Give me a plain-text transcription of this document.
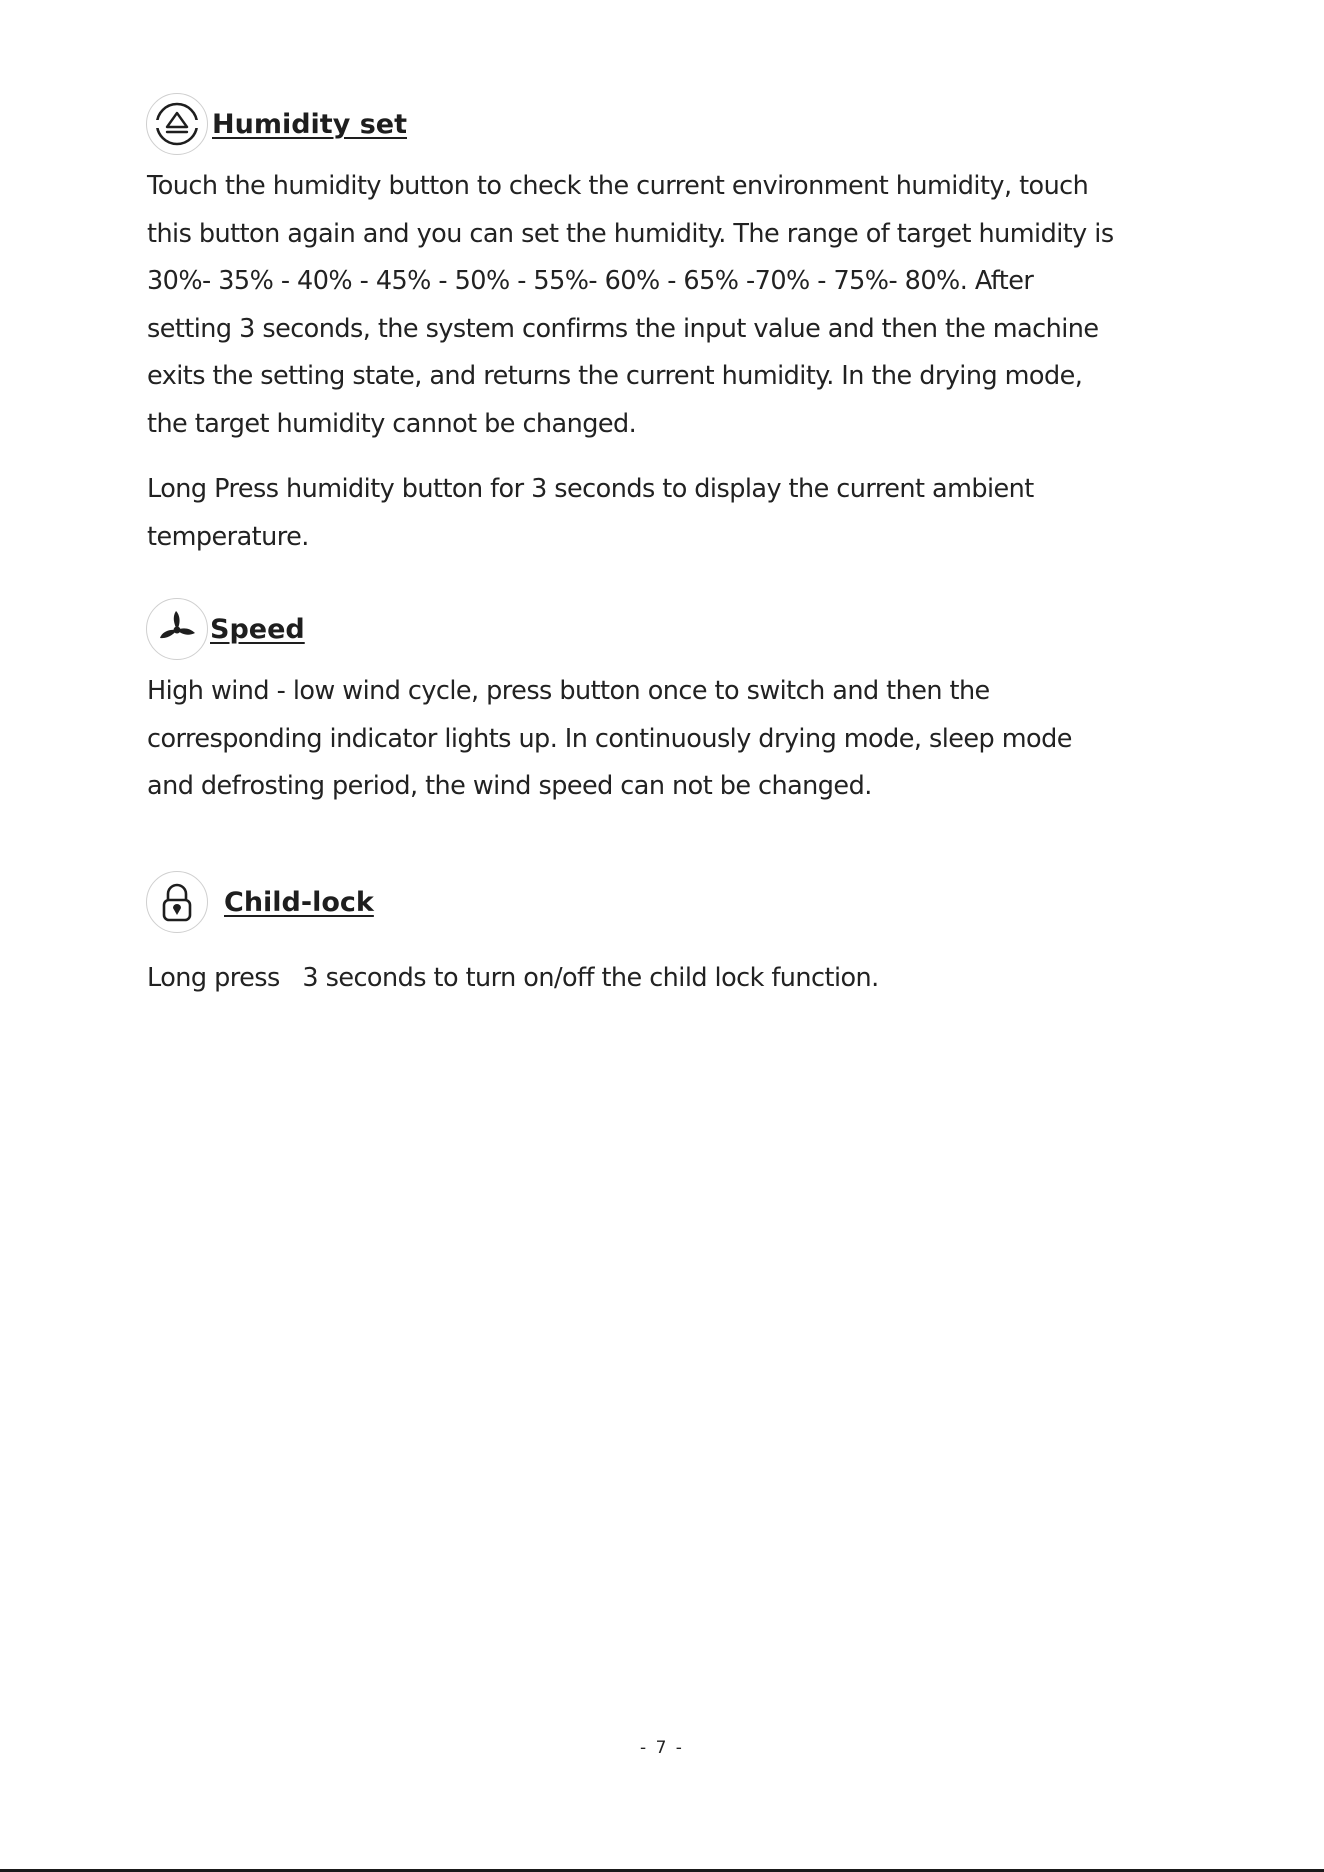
Humidity set

Touch the humidity button to check the current environment humidity, touch
this button again and you can set the humidity. The range of target humidity is
30%- 35% - 40% - 45% - 50% - 55%- 60% - 65% -70% - 75%- 80%. After
setting 3 seconds, the system confirms the input value and then the machine
exits the setting state, and returns the current humidity. In the drying mode,
the target humidity cannot be changed.

Long Press humidity button for 3 seconds to display the current ambient
temperature.

Speed

High wind - low wind cycle, press button once to switch and then the
corresponding indicator lights up. In continuously drying mode, sleep mode
and defrosting period, the wind speed can not be changed.

Child-lock

Long press   3 seconds to turn on/off the child lock function.

- 7 -
